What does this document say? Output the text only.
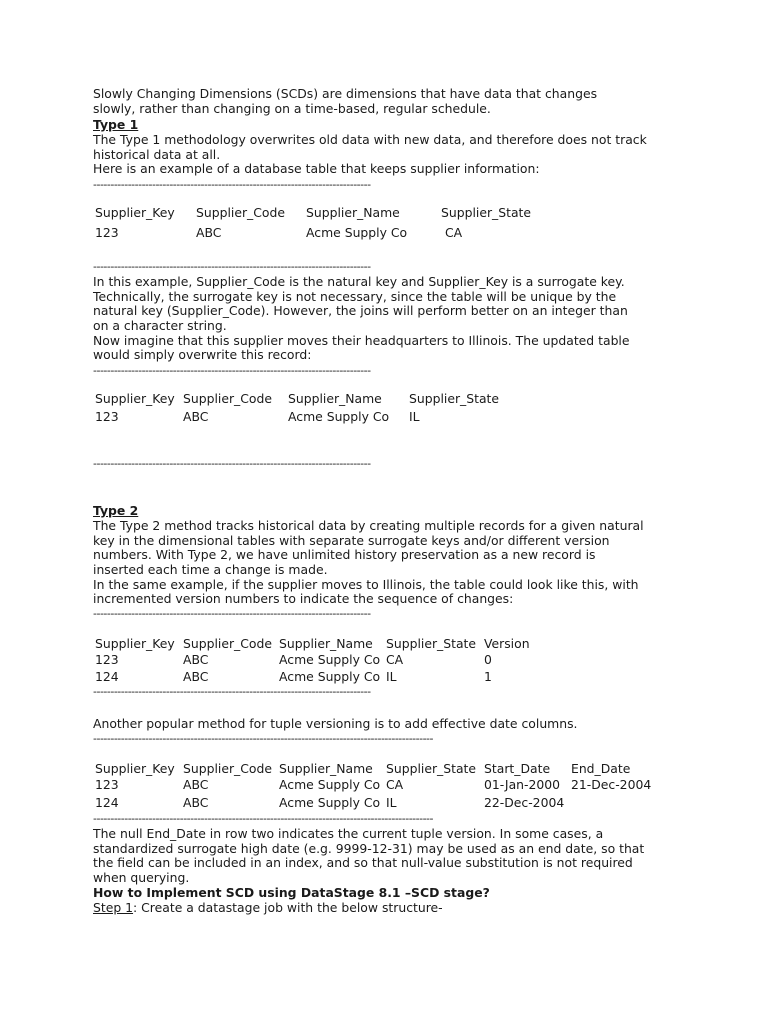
Slowly Changing Dimensions (SCDs) are dimensions that have data that changes

slowly, rather than changing on a time-based, regular schedule.

Type 1

The Type 1 methodology overwrites old data with new data, and therefore does not track

historical data at all.

Here is an example of a database table that keeps supplier information:

--------------------------------------------------------------------------------

Supplier_Key Supplier_Code Supplier_Name	Supplier_State
123	ABC	Acme Supply Co	CA

--------------------------------------------------------------------------------

In this example, Supplier_Code is the natural key and Supplier_Key is a surrogate key.

Technically, the surrogate key is not necessary, since the table will be unique by the

natural key (Supplier_Code). However, the joins will perform better on an integer than

on a character string.

Now imagine that this supplier moves their headquarters to Illinois. The updated table

would simply overwrite this record:

--------------------------------------------------------------------------------

Supplier_Key Supplier_Code Supplier_Name Supplier_State
123	ABC	Acme Supply Co IL

--------------------------------------------------------------------------------

Type 2

The Type 2 method tracks historical data by creating multiple records for a given natural

key in the dimensional tables with separate surrogate keys and/or different version

numbers. With Type 2, we have unlimited history preservation as a new record is

inserted each time a change is made.

In the same example, if the supplier moves to Illinois, the table could look like this, with

incremented version numbers to indicate the sequence of changes:

--------------------------------------------------------------------------------

Supplier_Key Supplier_Code Supplier_Name Supplier_State Version
123	ABC	Acme Supply Co CA	0
124	ABC	Acme Supply Co IL	1

--------------------------------------------------------------------------------

Another popular method for tuple versioning is to add effective date columns.

--------------------------------------------------------------------------------------------------

Supplier_Key Supplier_Code Supplier_Name Supplier_State Start_Date End_Date
123	ABC	Acme Supply Co CA	01-Jan-2000 21-Dec-2004
124	ABC	Acme Supply Co IL	22-Dec-2004

--------------------------------------------------------------------------------------------------

The null End_Date in row two indicates the current tuple version. In some cases, a

standardized surrogate high date (e.g. 9999-12-31) may be used as an end date, so that

the field can be included in an index, and so that null-value substitution is not required

when querying.

How to Implement SCD using DataStage 8.1 –SCD stage?

Step 1: Create a datastage job with the below structure-
